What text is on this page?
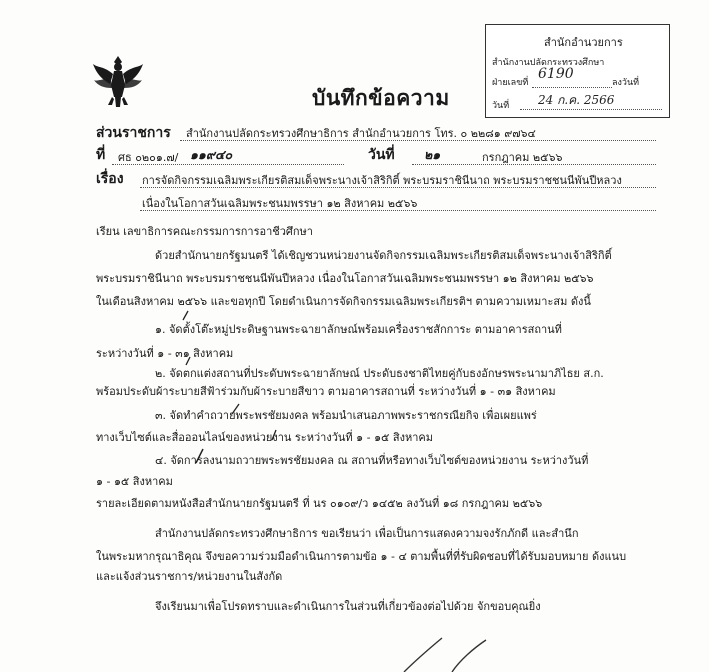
บันทึกข้อความ
สำนักอำนวยการ
สำนักงานปลัดกระทรวงศึกษา
ฝ่ายเลขที่
6190
ลงวันที่
วันที่ 24 ก.ค. 2566
ส่วนราชการ สำนักงานปลัดกระทรวงศึกษาธิการ สำนักอำนวยการ โทร. ๐ ๒๒๘๑ ๙๗๖๔
ที่ ศธ ๐๒๐๑.๗/ ๑๑๙๔๐	วันที่ ๒๑	กรกฎาคม ๒๕๖๖
เรื่อง การจัดกิจกรรมเฉลิมพระเกียรติสมเด็จพระนางเจ้าสิริกิติ์ พระบรมราชินีนาถ พระบรมราชชนนีพันปีหลวง
เนื่องในโอกาสวันเฉลิมพระชนมพรรษา ๑๒ สิงหาคม ๒๕๖๖
เรียน เลขาธิการคณะกรรมการการอาชีวศึกษา
ด้วยสำนักนายกรัฐมนตรี ได้เชิญชวนหน่วยงานจัดกิจกรรมเฉลิมพระเกียรติสมเด็จพระนางเจ้าสิริกิติ์
พระบรมราชินีนาถ พระบรมราชชนนีพันปีหลวง เนื่องในโอกาสวันเฉลิมพระชนมพรรษา ๑๒ สิงหาคม ๒๕๖๖
ในเดือนสิงหาคม ๒๕๖๖ และขอทุกปี โดยดำเนินการจัดกิจกรรมเฉลิมพระเกียรติฯ ตามความเหมาะสม ดังนี้
๑. จัดตั้งโต๊ะหมู่ประดิษฐานพระฉายาลักษณ์พร้อมเครื่องราชสักการะ ตามอาคารสถานที่
ระหว่างวันที่ ๑ - ๓๑ สิงหาคม
๒. จัดตกแต่งสถานที่ประดับพระฉายาลักษณ์ ประดับธงชาติไทยคู่กับธงอักษรพระนามาภิไธย ส.ก.
พร้อมประดับผ้าระบายสีฟ้าร่วมกับผ้าระบายสีขาว ตามอาคารสถานที่ ระหว่างวันที่ ๑ - ๓๑ สิงหาคม
๓. จัดทำคำถวายพระพรชัยมงคล พร้อมนำเสนอภาพพระราชกรณียกิจ เพื่อเผยแพร่
ทางเว็บไซต์และสื่อออนไลน์ของหน่วยงาน ระหว่างวันที่ ๑ - ๑๕ สิงหาคม
๔. จัดการลงนามถวายพระพรชัยมงคล ณ สถานที่หรือทางเว็บไซต์ของหน่วยงาน ระหว่างวันที่
๑ - ๑๕ สิงหาคม
รายละเอียดตามหนังสือสำนักนายกรัฐมนตรี ที่ นร ๐๑๐๙/ว ๑๔๕๒ ลงวันที่ ๑๘ กรกฎาคม ๒๕๖๖
สำนักงานปลัดกระทรวงศึกษาธิการ ขอเรียนว่า เพื่อเป็นการแสดงความจงรักภักดี และสำนึก
ในพระมหากรุณาธิคุณ จึงขอความร่วมมือดำเนินการตามข้อ ๑ - ๔ ตามพื้นที่ที่รับผิดชอบที่ได้รับมอบหมาย ด้งแนบ
และแจ้งส่วนราชการ/หน่วยงานในสังกัด
จึงเรียนมาเพื่อโปรดทราบและดำเนินการในส่วนที่เกี่ยวข้องต่อไปด้วย จักขอบคุณยิ่ง
